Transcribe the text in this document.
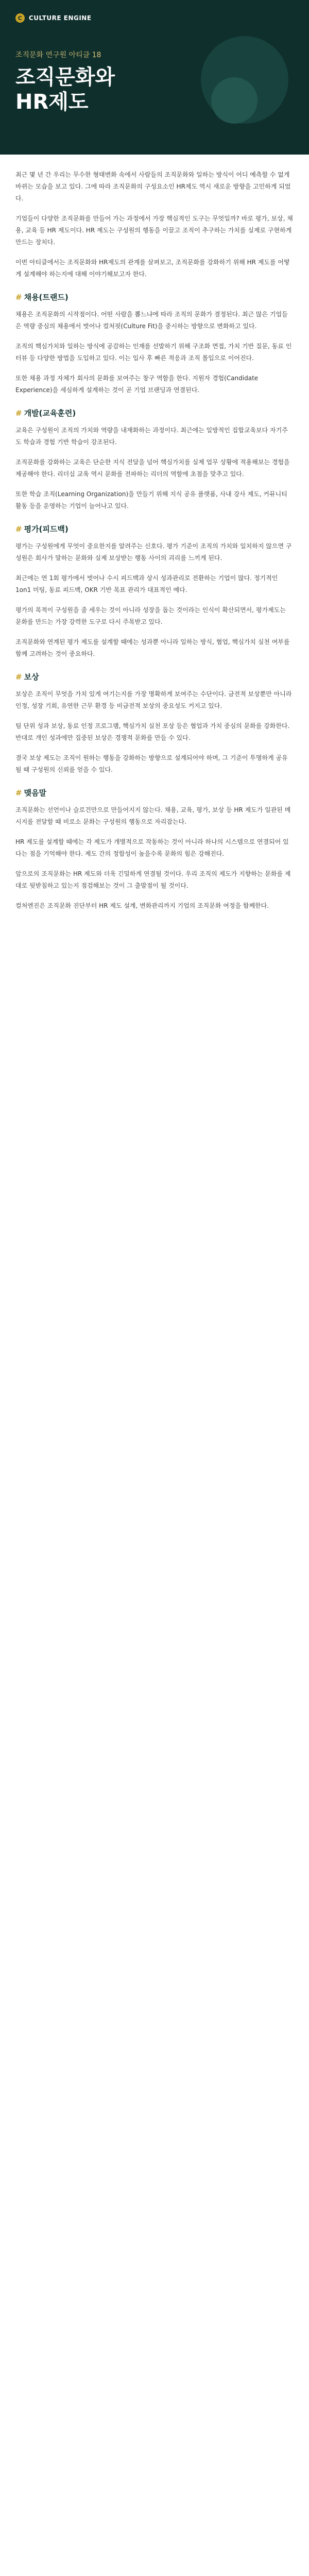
C	CULTURE ENGINE
조직문화 연구원 아티클 18
조직문화와
HR제도

최근 몇 년 간 우리는 무수한 형태변화 속에서 사람들의 조직문화와 일하는 방식이 어디 예측할 수 없게 바뀌는 모습을 보고 있다. 그에 따라 조직문화의 구성요소인 HR제도 역시 새로운 방향을 고민하게 되었다.

기업들이 다양한 조직문화를 만들어 가는 과정에서 가장 핵심적인 도구는 무엇일까? 바로 평가, 보상, 채용, 교육 등 HR 제도이다. HR 제도는 구성원의 행동을 이끌고 조직이 추구하는 가치를 실제로 구현하게 만드는 장치다.

이번 아티클에서는 조직문화와 HR제도의 관계를 살펴보고, 조직문화를 강화하기 위해 HR 제도를 어떻게 설계해야 하는지에 대해 이야기해보고자 한다.

# 채용(트랜드)

채용은 조직문화의 시작점이다. 어떤 사람을 뽑느냐에 따라 조직의 문화가 결정된다. 최근 많은 기업들은 역량 중심의 채용에서 벗어나 컬처핏(Culture Fit)을 중시하는 방향으로 변화하고 있다.

조직의 핵심가치와 일하는 방식에 공감하는 인재를 선발하기 위해 구조화 면접, 가치 기반 질문, 동료 인터뷰 등 다양한 방법을 도입하고 있다. 이는 입사 후 빠른 적응과 조직 몰입으로 이어진다.

또한 채용 과정 자체가 회사의 문화를 보여주는 창구 역할을 한다. 지원자 경험(Candidate Experience)을 세심하게 설계하는 것이 곧 기업 브랜딩과 연결된다.

# 개발(교육훈련)

교육은 구성원이 조직의 가치와 역량을 내재화하는 과정이다. 최근에는 일방적인 집합교육보다 자기주도 학습과 경험 기반 학습이 강조된다.

조직문화를 강화하는 교육은 단순한 지식 전달을 넘어 핵심가치를 실제 업무 상황에 적용해보는 경험을 제공해야 한다. 리더십 교육 역시 문화를 전파하는 리더의 역할에 초점을 맞추고 있다.

또한 학습 조직(Learning Organization)을 만들기 위해 지식 공유 플랫폼, 사내 강사 제도, 커뮤니티 활동 등을 운영하는 기업이 늘어나고 있다.

# 평가(피드백)

평가는 구성원에게 무엇이 중요한지를 알려주는 신호다. 평가 기준이 조직의 가치와 일치하지 않으면 구성원은 회사가 말하는 문화와 실제 보상받는 행동 사이의 괴리를 느끼게 된다.

최근에는 연 1회 평가에서 벗어나 수시 피드백과 상시 성과관리로 전환하는 기업이 많다. 정기적인 1on1 미팅, 동료 피드백, OKR 기반 목표 관리가 대표적인 예다.

평가의 목적이 구성원을 줄 세우는 것이 아니라 성장을 돕는 것이라는 인식이 확산되면서, 평가제도는 문화를 만드는 가장 강력한 도구로 다시 주목받고 있다.

조직문화와 연계된 평가 제도를 설계할 때에는 성과뿐 아니라 일하는 방식, 협업, 핵심가치 실천 여부를 함께 고려하는 것이 중요하다.

# 보상

보상은 조직이 무엇을 가치 있게 여기는지를 가장 명확하게 보여주는 수단이다. 금전적 보상뿐만 아니라 인정, 성장 기회, 유연한 근무 환경 등 비금전적 보상의 중요성도 커지고 있다.

팀 단위 성과 보상, 동료 인정 프로그램, 핵심가치 실천 포상 등은 협업과 가치 중심의 문화를 강화한다. 반대로 개인 성과에만 집중된 보상은 경쟁적 문화를 만들 수 있다.

결국 보상 제도는 조직이 원하는 행동을 강화하는 방향으로 설계되어야 하며, 그 기준이 투명하게 공유될 때 구성원의 신뢰를 얻을 수 있다.

# 맺음말

조직문화는 선언이나 슬로건만으로 만들어지지 않는다. 채용, 교육, 평가, 보상 등 HR 제도가 일관된 메시지를 전달할 때 비로소 문화는 구성원의 행동으로 자리잡는다.

HR 제도를 설계할 때에는 각 제도가 개별적으로 작동하는 것이 아니라 하나의 시스템으로 연결되어 있다는 점을 기억해야 한다. 제도 간의 정합성이 높을수록 문화의 힘은 강해진다.

앞으로의 조직문화는 HR 제도와 더욱 긴밀하게 연결될 것이다. 우리 조직의 제도가 지향하는 문화를 제대로 뒷받침하고 있는지 점검해보는 것이 그 출발점이 될 것이다.

컬처엔진은 조직문화 진단부터 HR 제도 설계, 변화관리까지 기업의 조직문화 여정을 함께한다.
